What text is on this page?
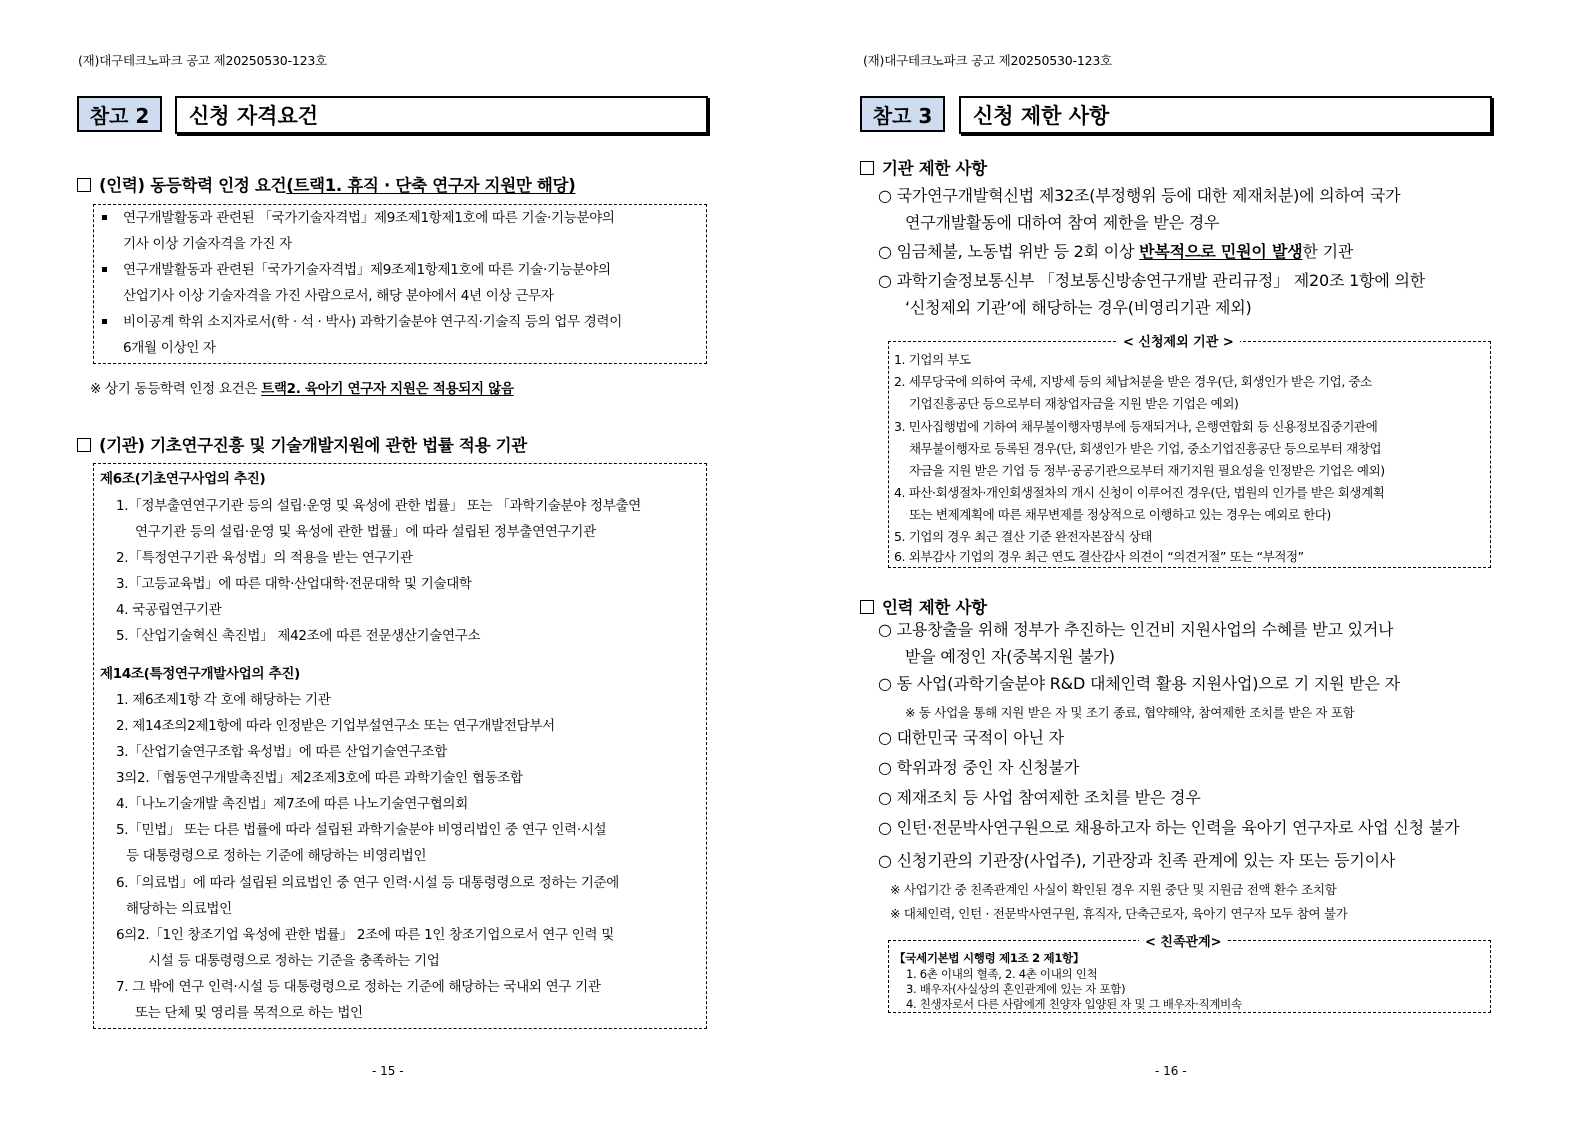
(재)대구테크노파크 공고 제20250530-123호
참고 2	신청 자격요건
(인력) 동등학력 인정 요건(트랙1. 휴직 · 단축 연구자 지원만 해당)
연구개발활동과 관련된 「국가기술자격법」제9조제1항제1호에 따른 기술·기능분야의
기사 이상 기술자격을 가진 자
연구개발활동과 관련된「국가기술자격법」제9조제1항제1호에 따른 기술·기능분야의
산업기사 이상 기술자격을 가진 사람으로서, 해당 분야에서 4년 이상 근무자
비이공계 학위 소지자로서(학 · 석 · 박사) 과학기술분야 연구직·기술직 등의 업무 경력이
6개월 이상인 자
※ 상기 동등학력 인정 요건은 트랙2. 육아기 연구자 지원은 적용되지 않음
(기관) 기초연구진흥 및 기술개발지원에 관한 법률 적용 기관
제6조(기초연구사업의 추진)
1.「정부출연연구기관 등의 설립·운영 및 육성에 관한 법률」 또는 「과학기술분야 정부출연
연구기관 등의 설립·운영 및 육성에 관한 법률」에 따라 설립된 정부출연연구기관
2.「특정연구기관 육성법」의 적용을 받는 연구기관
3.「고등교육법」에 따른 대학·산업대학·전문대학 및 기술대학
4. 국공립연구기관
5.「산업기술혁신 촉진법」 제42조에 따른 전문생산기술연구소
제14조(특정연구개발사업의 추진)
1. 제6조제1항 각 호에 해당하는 기관
2. 제14조의2제1항에 따라 인정받은 기업부설연구소 또는 연구개발전담부서
3.「산업기술연구조합 육성법」에 따른 산업기술연구조합
3의2.「협동연구개발촉진법」제2조제3호에 따른 과학기술인 협동조합
4.「나노기술개발 촉진법」제7조에 따른 나노기술연구협의회
5.「민법」 또는 다른 법률에 따라 설립된 과학기술분야 비영리법인 중 연구 인력·시설
등 대통령령으로 정하는 기준에 해당하는 비영리법인
6.「의료법」에 따라 설립된 의료법인 중 연구 인력·시설 등 대통령령으로 정하는 기준에
해당하는 의료법인
6의2.「1인 창조기업 육성에 관한 법률」 2조에 따른 1인 창조기업으로서 연구 인력 및
시설 등 대통령령으로 정하는 기준을 충족하는 기업
7. 그 밖에 연구 인력·시설 등 대통령령으로 정하는 기준에 해당하는 국내외 연구 기관
또는 단체 및 영리를 목적으로 하는 법인
- 15 -
(재)대구테크노파크 공고 제20250530-123호
참고 3	신청 제한 사항
기관 제한 사항
○ 국가연구개발혁신법 제32조(부정행위 등에 대한 제재처분)에 의하여 국가
연구개발활동에 대하여 참여 제한을 받은 경우
○ 임금체불, 노동법 위반 등 2회 이상 반복적으로 민원이 발생한 기관
○ 과학기술정보통신부 「정보통신방송연구개발 관리규정」 제20조 1항에 의한
‘신청제외 기관’에 해당하는 경우(비영리기관 제외)
< 신청제외 기관 >
1. 기업의 부도
2. 세무당국에 의하여 국세, 지방세 등의 체납처분을 받은 경우(단, 회생인가 받은 기업, 중소
기업진흥공단 등으로부터 재창업자금을 지원 받은 기업은 예외)
3. 민사집행법에 기하여 채무불이행자명부에 등재되거나, 은행연합회 등 신용정보집중기관에
채무불이행자로 등록된 경우(단, 회생인가 받은 기업, 중소기업진흥공단 등으로부터 재창업
자금을 지원 받은 기업 등 정부·공공기관으로부터 재기지원 필요성을 인정받은 기업은 예외)
4. 파산·회생절차·개인회생절차의 개시 신청이 이루어진 경우(단, 법원의 인가를 받은 회생계획
또는 변제계획에 따른 채무변제를 정상적으로 이행하고 있는 경우는 예외로 한다)
5. 기업의 경우 최근 결산 기준 완전자본잠식 상태
6. 외부감사 기업의 경우 최근 연도 결산감사 의견이 “의견거절” 또는 “부적정”
인력 제한 사항
○ 고용창출을 위해 정부가 추진하는 인건비 지원사업의 수혜를 받고 있거나
받을 예정인 자(중복지원 불가)
○ 동 사업(과학기술분야 R&D 대체인력 활용 지원사업)으로 기 지원 받은 자
※ 동 사업을 통해 지원 받은 자 및 조기 종료, 협약해약, 참여제한 조치를 받은 자 포함
○ 대한민국 국적이 아닌 자
○ 학위과정 중인 자 신청불가
○ 제재조치 등 사업 참여제한 조치를 받은 경우
○ 인턴·전문박사연구원으로 채용하고자 하는 인력을 육아기 연구자로 사업 신청 불가
○ 신청기관의 기관장(사업주), 기관장과 친족 관계에 있는 자 또는 등기이사
※ 사업기간 중 친족관계인 사실이 확인된 경우 지원 중단 및 지원금 전액 환수 조치함
※ 대체인력, 인턴 · 전문박사연구원, 휴직자, 단축근로자, 육아기 연구자 모두 참여 불가
< 친족관계>
【국세기본법 시행령 제1조 2 제1항】
1. 6촌 이내의 혈족, 2. 4촌 이내의 인척
3. 배우자(사실상의 혼인관계에 있는 자 포함)
4. 친생자로서 다른 사람에게 친양자 입양된 자 및 그 배우자·직계비속
- 16 -
